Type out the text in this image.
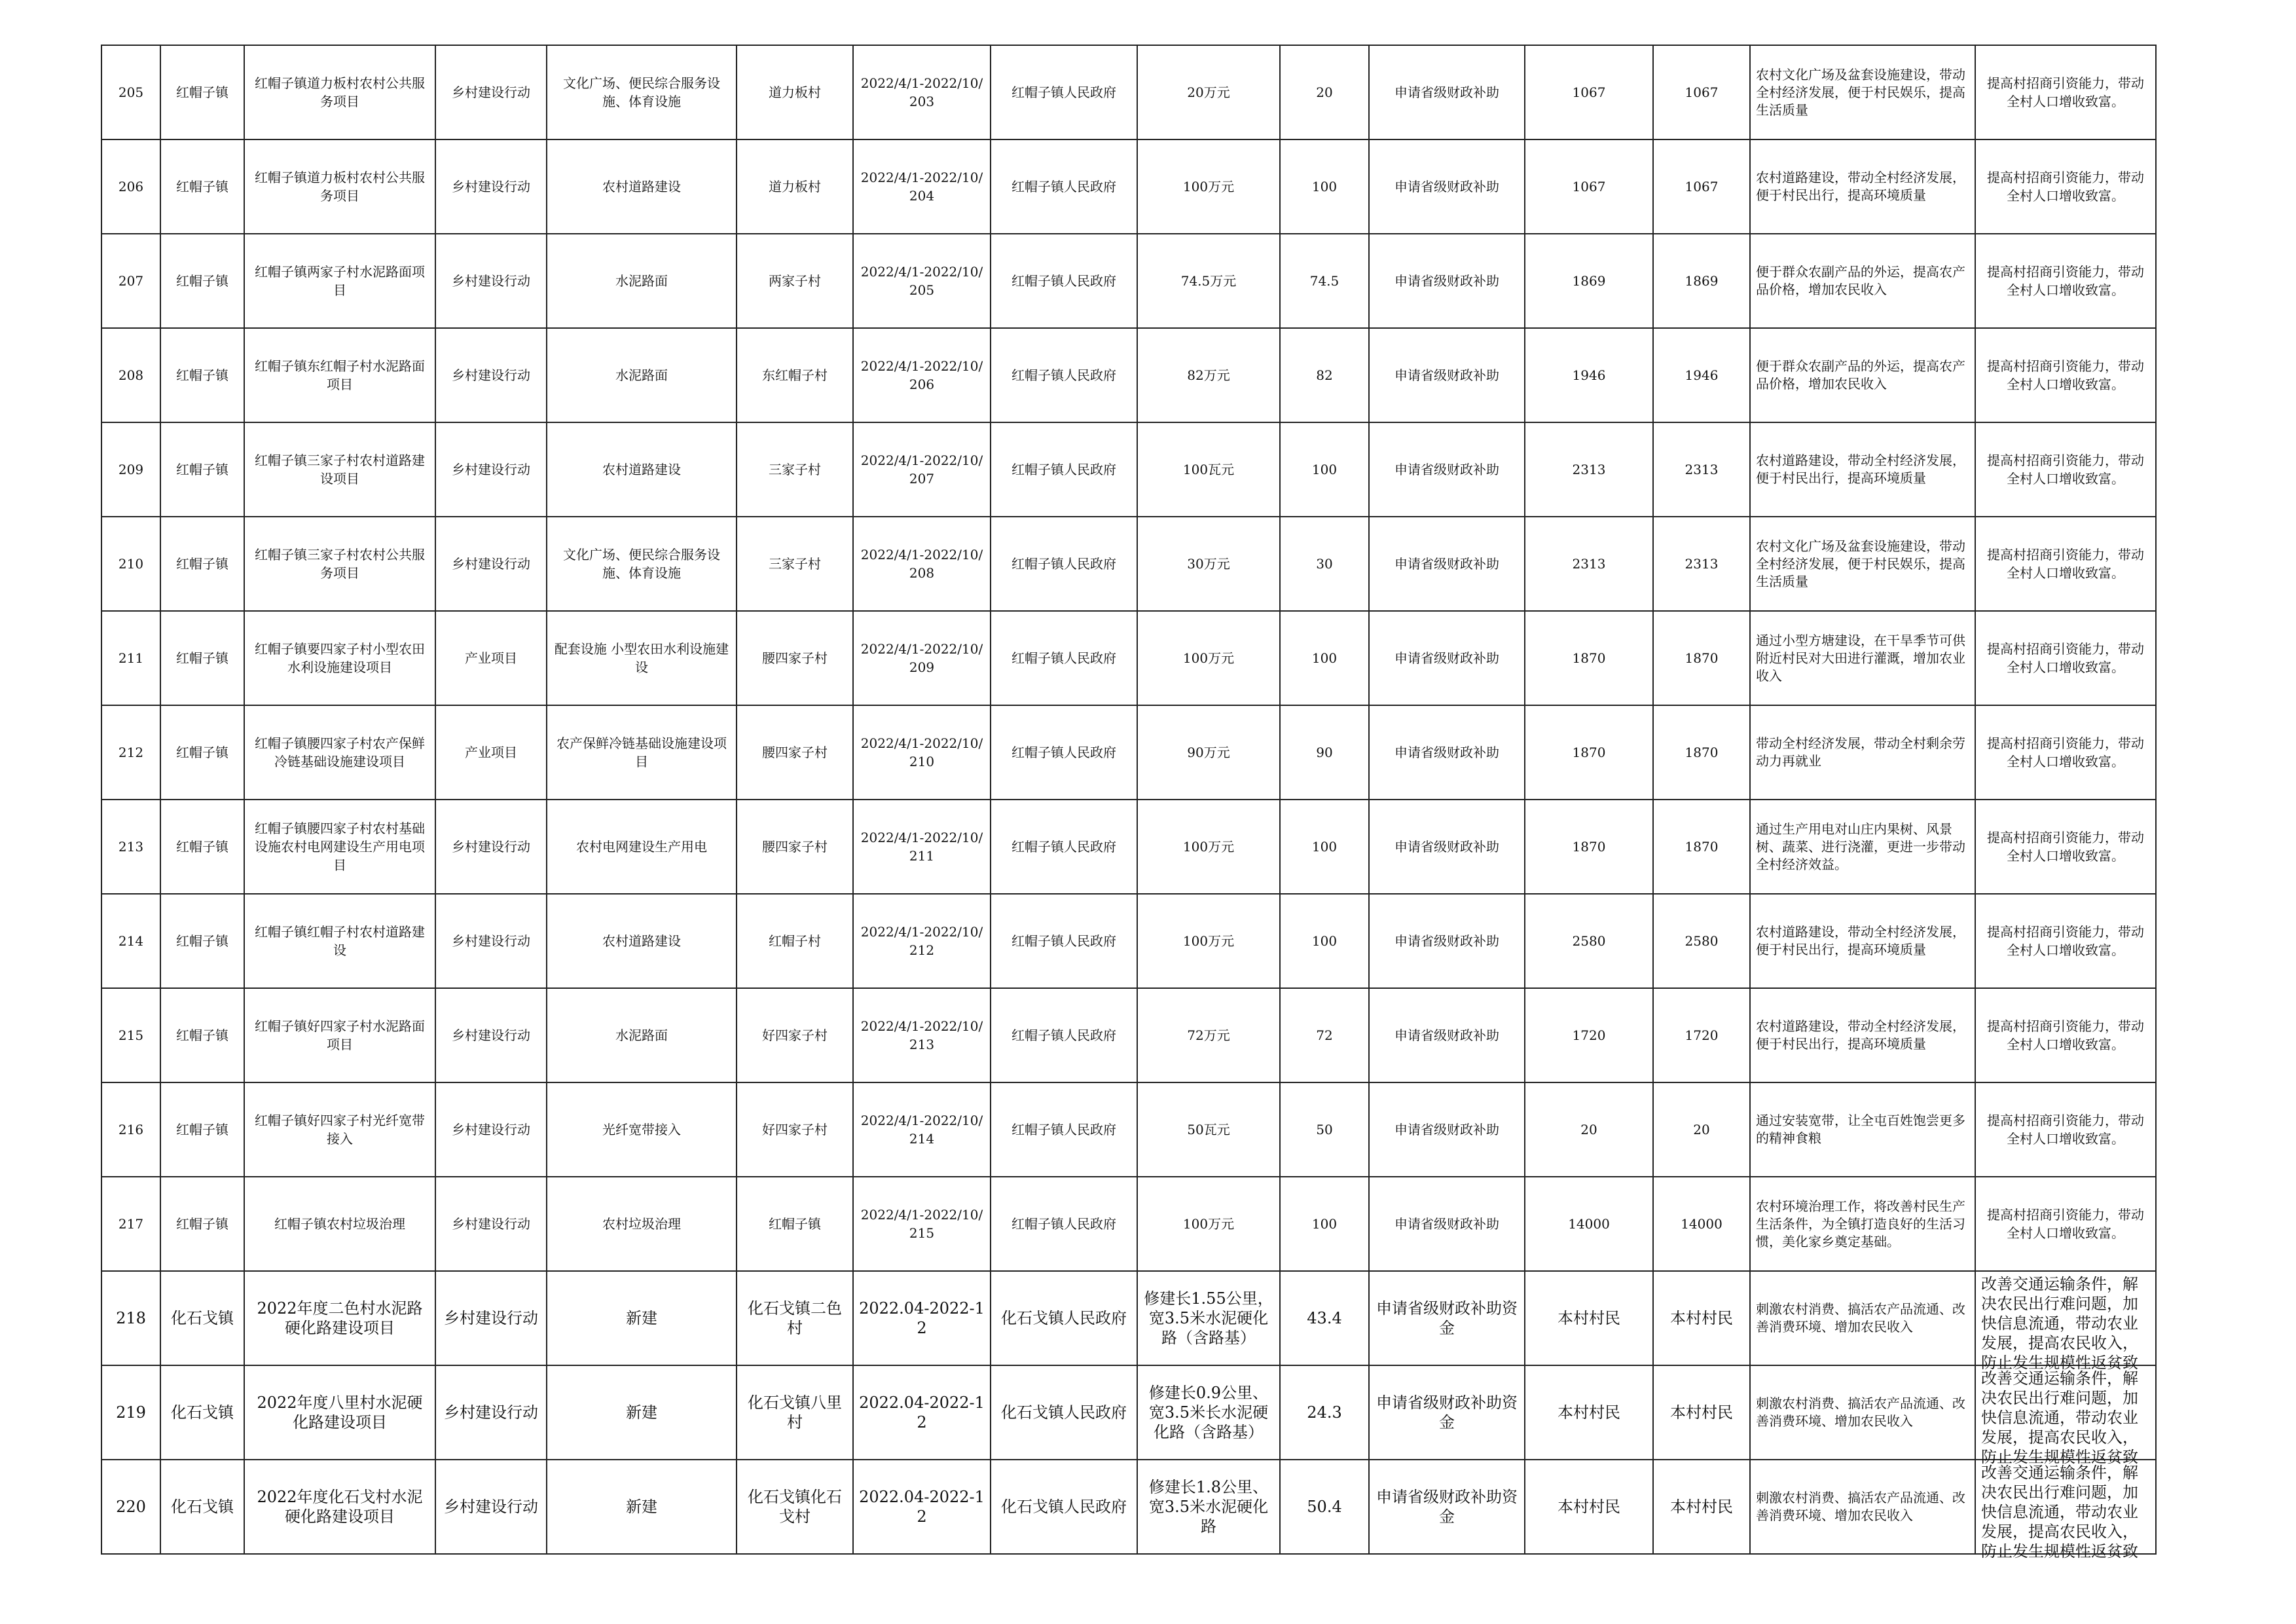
205	红帽子镇	红帽子镇道力板村农村公共服务项目	乡村建设行动	文化广场、便民综合服务设施、体育设施	道力板村	2022/4/1-2022/10/203	红帽子镇人民政府	20万元	20	申请省级财政补助	1067	1067	农村文化广场及盆套设施建设，带动全村经济发展，便于村民娱乐，提高生活质量	提高村招商引资能力，带动全村人口增收致富。
206	红帽子镇	红帽子镇道力板村农村公共服务项目	乡村建设行动	农村道路建设	道力板村	2022/4/1-2022/10/204	红帽子镇人民政府	100万元	100	申请省级财政补助	1067	1067	农村道路建设，带动全村经济发展，便于村民出行，提高环境质量	提高村招商引资能力，带动全村人口增收致富。
207	红帽子镇	红帽子镇两家子村水泥路面项目	乡村建设行动	水泥路面	两家子村	2022/4/1-2022/10/205	红帽子镇人民政府	74.5万元	74.5	申请省级财政补助	1869	1869	便于群众农副产品的外运，提高农产品价格，增加农民收入	提高村招商引资能力，带动全村人口增收致富。
208	红帽子镇	红帽子镇东红帽子村水泥路面项目	乡村建设行动	水泥路面	东红帽子村	2022/4/1-2022/10/206	红帽子镇人民政府	82万元	82	申请省级财政补助	1946	1946	便于群众农副产品的外运，提高农产品价格，增加农民收入	提高村招商引资能力，带动全村人口增收致富。
209	红帽子镇	红帽子镇三家子村农村道路建设项目	乡村建设行动	农村道路建设	三家子村	2022/4/1-2022/10/207	红帽子镇人民政府	100瓦元	100	申请省级财政补助	2313	2313	农村道路建设，带动全村经济发展，便于村民出行，提高环境质量	提高村招商引资能力，带动全村人口增收致富。
210	红帽子镇	红帽子镇三家子村农村公共服务项目	乡村建设行动	文化广场、便民综合服务设施、体育设施	三家子村	2022/4/1-2022/10/208	红帽子镇人民政府	30万元	30	申请省级财政补助	2313	2313	农村文化广场及盆套设施建设，带动全村经济发展，便于村民娱乐，提高生活质量	提高村招商引资能力，带动全村人口增收致富。
211	红帽子镇	红帽子镇要四家子村小型农田水利设施建设项目	产业项目	配套设施 小型农田水利设施建设	腰四家子村	2022/4/1-2022/10/209	红帽子镇人民政府	100万元	100	申请省级财政补助	1870	1870	通过小型方塘建设，在干旱季节可供附近村民对大田进行灌溉，增加农业收入	提高村招商引资能力，带动全村人口增收致富。
212	红帽子镇	红帽子镇腰四家子村农产保鲜冷链基础设施建设项目	产业项目	农产保鲜冷链基础设施建设项目	腰四家子村	2022/4/1-2022/10/210	红帽子镇人民政府	90万元	90	申请省级财政补助	1870	1870	带动全村经济发展，带动全村剩余劳动力再就业	提高村招商引资能力，带动全村人口增收致富。
213	红帽子镇	红帽子镇腰四家子村农村基础设施农村电网建设生产用电项目	乡村建设行动	农村电网建设生产用电	腰四家子村	2022/4/1-2022/10/211	红帽子镇人民政府	100万元	100	申请省级财政补助	1870	1870	通过生产用电对山庄内果树、风景树、蔬菜、进行浇灌，更进一步带动全村经济效益。	提高村招商引资能力，带动全村人口增收致富。
214	红帽子镇	红帽子镇红帽子村农村道路建设	乡村建设行动	农村道路建设	红帽子村	2022/4/1-2022/10/212	红帽子镇人民政府	100万元	100	申请省级财政补助	2580	2580	农村道路建设，带动全村经济发展，便于村民出行，提高环境质量	提高村招商引资能力，带动全村人口增收致富。
215	红帽子镇	红帽子镇好四家子村水泥路面项目	乡村建设行动	水泥路面	好四家子村	2022/4/1-2022/10/213	红帽子镇人民政府	72万元	72	申请省级财政补助	1720	1720	农村道路建设，带动全村经济发展，便于村民出行，提高环境质量	提高村招商引资能力，带动全村人口增收致富。
216	红帽子镇	红帽子镇好四家子村光纤宽带接入	乡村建设行动	光纤宽带接入	好四家子村	2022/4/1-2022/10/214	红帽子镇人民政府	50瓦元	50	申请省级财政补助	20	20	通过安装宽带，让全屯百姓饱尝更多的精神食粮	提高村招商引资能力，带动全村人口增收致富。
217	红帽子镇	红帽子镇农村垃圾治理	乡村建设行动	农村垃圾治理	红帽子镇	2022/4/1-2022/10/215	红帽子镇人民政府	100万元	100	申请省级财政补助	14000	14000	农村环境治理工作，将改善村民生产生活条件，为全镇打造良好的生活习惯，美化家乡奠定基础。	提高村招商引资能力，带动全村人口增收致富。
218	化石戈镇	2022年度二色村水泥路硬化路建设项目	乡村建设行动	新建	化石戈镇二色村	2022.04-2022-12	化石戈镇人民政府	修建长1.55公里，宽3.5米水泥硬化路（含路基）	43.4	申请省级财政补助资金	本村村民	本村村民	刺激农村消费、搞活农产品流通、改善消费环境、增加农民收入	改善交通运输条件，解决农民出行难问题，加快信息流通，带动农业发展，提高农民收入，防止发生规模性返贫致

219	化石戈镇	2022年度八里村水泥硬化路建设项目	乡村建设行动	新建	化石戈镇八里村	2022.04-2022-12	化石戈镇人民政府	修建长0.9公里、宽3.5米长水泥硬化路（含路基）	24.3	申请省级财政补助资金	本村村民	本村村民	刺激农村消费、搞活农产品流通、改善消费环境、增加农民收入	改善交通运输条件，解决农民出行难问题，加快信息流通，带动农业发展，提高农民收入，防止发生规模性返贫致

220	化石戈镇	2022年度化石戈村水泥硬化路建设项目	乡村建设行动	新建	化石戈镇化石戈村	2022.04-2022-12	化石戈镇人民政府	修建长1.8公里、宽3.5米水泥硬化路	50.4	申请省级财政补助资金	本村村民	本村村民	刺激农村消费、搞活农产品流通、改善消费环境、增加农民收入	改善交通运输条件，解决农民出行难问题，加快信息流通，带动农业发展，提高农民收入，防止发生规模性返贫致
